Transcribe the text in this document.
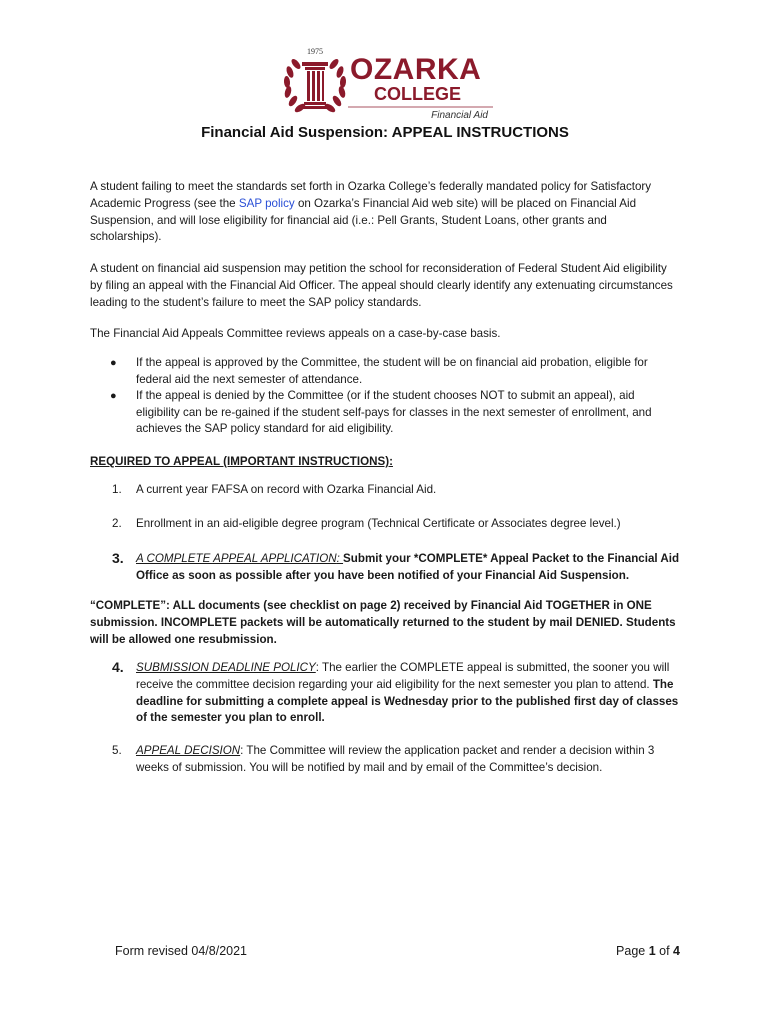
1975
OZARKA
COLLEGE
Financial Aid
Financial Aid Suspension: APPEAL INSTRUCTIONS
A student failing to meet the standards set forth in Ozarka College’s federally mandated policy for Satisfactory Academic Progress (see the SAP policy on Ozarka’s Financial Aid web site) will be placed on Financial Aid Suspension, and will lose eligibility for financial aid (i.e.: Pell Grants, Student Loans, other grants and scholarships).
A student on financial aid suspension may petition the school for reconsideration of Federal Student Aid eligibility by filing an appeal with the Financial Aid Officer. The appeal should clearly identify any extenuating circumstances leading to the student’s failure to meet the SAP policy standards.
The Financial Aid Appeals Committee reviews appeals on a case-by-case basis.
● If the appeal is approved by the Committee, the student will be on financial aid probation, eligible for federal aid the next semester of attendance.
● If the appeal is denied by the Committee (or if the student chooses NOT to submit an appeal), aid eligibility can be re-gained if the student self-pays for classes in the next semester of enrollment, and achieves the SAP policy standard for aid eligibility.
REQUIRED TO APPEAL (IMPORTANT INSTRUCTIONS):
1. A current year FAFSA on record with Ozarka Financial Aid.
2. Enrollment in an aid-eligible degree program (Technical Certificate or Associates degree level.)
3. A COMPLETE APPEAL APPLICATION: Submit your *COMPLETE* Appeal Packet to the Financial Aid Office as soon as possible after you have been notified of your Financial Aid Suspension.
“COMPLETE”: ALL documents (see checklist on page 2) received by Financial Aid TOGETHER in ONE submission. INCOMPLETE packets will be automatically returned to the student by mail DENIED. Students will be allowed one resubmission.
4. SUBMISSION DEADLINE POLICY: The earlier the COMPLETE appeal is submitted, the sooner you will receive the committee decision regarding your aid eligibility for the next semester you plan to attend. The deadline for submitting a complete appeal is Wednesday prior to the published first day of classes of the semester you plan to enroll.
5. APPEAL DECISION: The Committee will review the application packet and render a decision within 3 weeks of submission. You will be notified by mail and by email of the Committee’s decision.
Form revised 04/8/2021	Page 1 of 4
